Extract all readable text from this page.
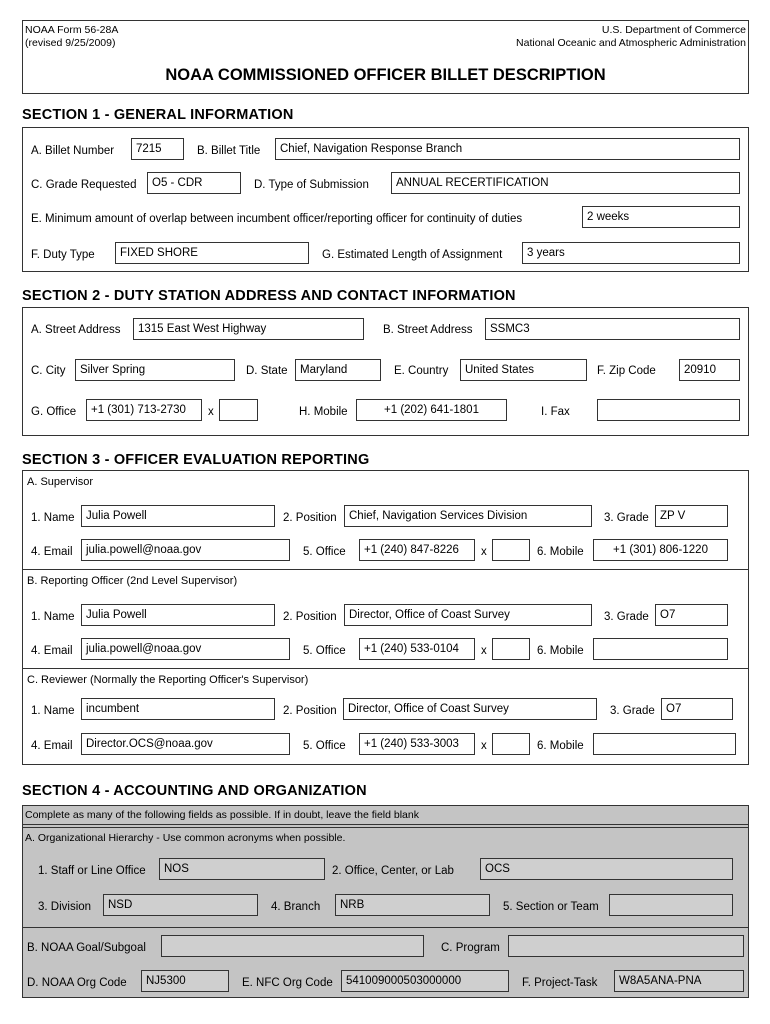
NOAA Form 56-28A
(revised 9/25/2009)
U.S. Department of Commerce
National Oceanic and Atmospheric Administration
NOAA COMMISSIONED OFFICER BILLET DESCRIPTION
SECTION 1 - GENERAL INFORMATION
A. Billet Number	7215	B. Billet Title	Chief, Navigation Response Branch
C. Grade Requested	O5 - CDR	D. Type of Submission	ANNUAL RECERTIFICATION
E. Minimum amount of overlap between incumbent officer/reporting officer for continuity of duties	2 weeks
F. Duty Type	FIXED SHORE	G. Estimated Length of Assignment	3 years
SECTION 2 - DUTY STATION ADDRESS AND CONTACT INFORMATION
A. Street Address	1315 East West Highway	B. Street Address	SSMC3
C. City	Silver Spring	D. State	Maryland	E. Country	United States	F. Zip Code	20910
G. Office	+1 (301) 713-2730	x	H. Mobile	+1 (202) 641-1801	I. Fax
SECTION 3 - OFFICER EVALUATION REPORTING
A. Supervisor
1. Name	Julia Powell	2. Position	Chief, Navigation Services Division	3. Grade ZP V
4. Email	julia.powell@noaa.gov	5. Office	+1 (240) 847-8226	x	6. Mobile	+1 (301) 806-1220
B. Reporting Officer (2nd Level Supervisor)
1. Name	Julia Powell	2. Position	Director, Office of Coast Survey	3. Grade O7
4. Email	julia.powell@noaa.gov	5. Office	+1 (240) 533-0104	x	6. Mobile
C. Reviewer (Normally the Reporting Officer's Supervisor)
1. Name	incumbent	2. Position Director, Office of Coast Survey	3. Grade O7
4. Email	Director.OCS@noaa.gov	5. Office	+1 (240) 533-3003	x	6. Mobile
SECTION 4 - ACCOUNTING AND ORGANIZATION
Complete as many of the following fields as possible. If in doubt, leave the field blank
A. Organizational Hierarchy - Use common acronyms when possible.
1. Staff or Line Office	NOS	2. Office, Center, or Lab	OCS
3. Division	NSD	4. Branch	NRB	5. Section or Team
B. NOAA Goal/Subgoal	C. Program
D. NOAA Org Code	NJ5300	E. NFC Org Code	541009000503000000	F. Project-Task	W8A5ANA-PNA
